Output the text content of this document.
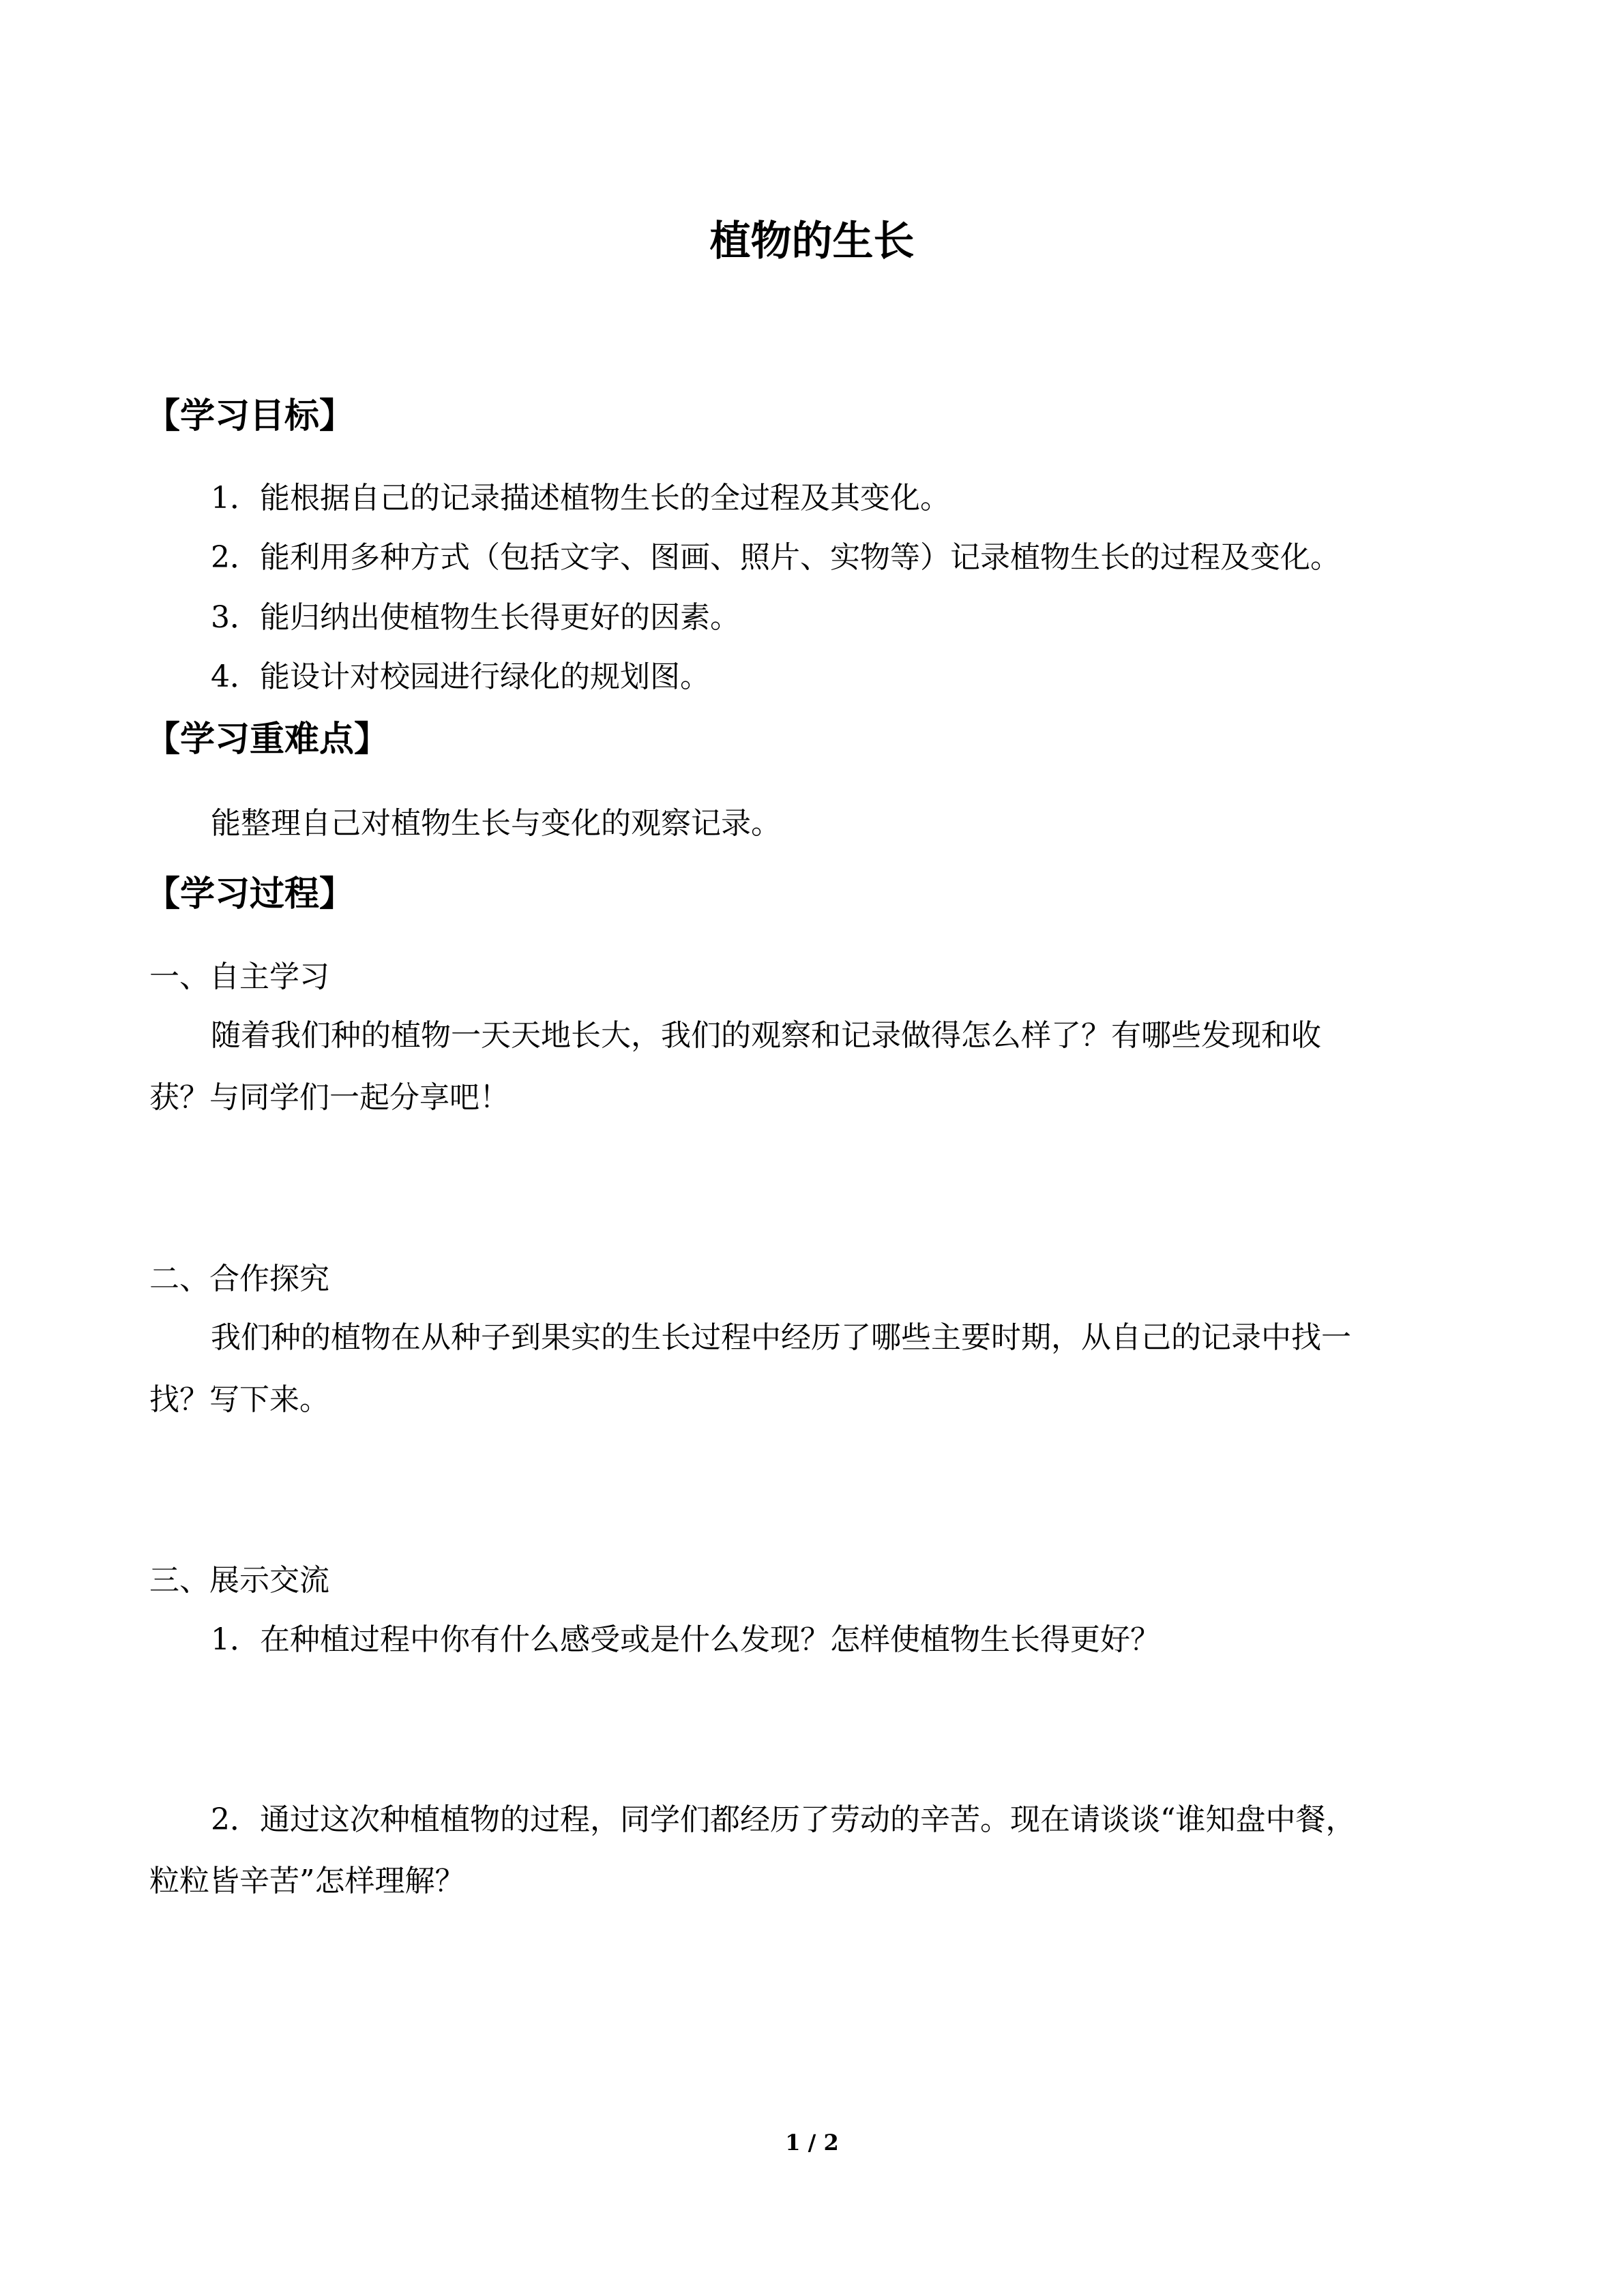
植物的生长
【学习目标】
1．能根据自己的记录描述植物生长的全过程及其变化。
2．能利用多种方式（包括文字、图画、照片、实物等）记录植物生长的过程及变化。
3．能归纳出使植物生长得更好的因素。
4．能设计对校园进行绿化的规划图。
【学习重难点】
能整理自己对植物生长与变化的观察记录。
【学习过程】
一、自主学习
随着我们种的植物一天天地长大，我们的观察和记录做得怎么样了？有哪些发现和收
获？与同学们一起分享吧！
二、合作探究
我们种的植物在从种子到果实的生长过程中经历了哪些主要时期，从自己的记录中找一
找？写下来。
三、展示交流
1．在种植过程中你有什么感受或是什么发现？怎样使植物生长得更好？
2．通过这次种植植物的过程，同学们都经历了劳动的辛苦。现在请谈谈“谁知盘中餐，
粒粒皆辛苦”怎样理解？
1 / 2
